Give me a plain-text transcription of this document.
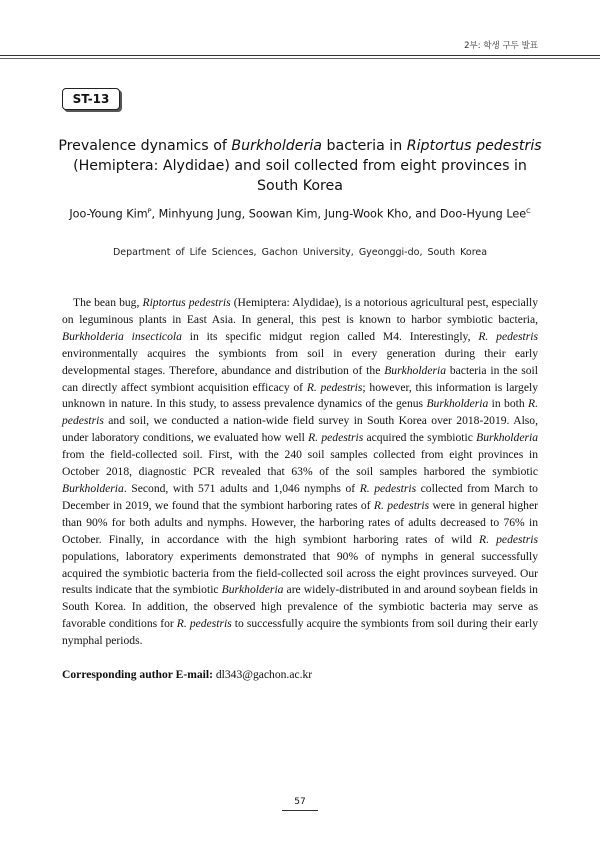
2부: 학생 구두 발표
ST-13
Prevalence dynamics of Burkholderia bacteria in Riptortus pedestris
(Hemiptera: Alydidae) and soil collected from eight provinces in
South Korea
Joo-Young Kim$^P$, Minhyung Jung, Soowan Kim, Jung-Wook Kho, and Doo-Hyung Lee$^C$
Department of Life Sciences, Gachon University, Gyeonggi-do, South Korea

The bean bug, Riptortus pedestris (Hemiptera: Alydidae), is a notorious agricultural pest, especially on leguminous plants in East Asia. In general, this pest is known to harbor symbiotic bacteria, Burkholderia insecticola in its specific midgut region called M4. Interestingly, R. pedestris environmentally acquires the symbionts from soil in every generation during their early developmental stages. Therefore, abundance and distribution of the Burkholderia bacteria in the soil can directly affect symbiont acquisition efficacy of R. pedestris; however, this information is largely unknown in nature. In this study, to assess prevalence dynamics of the genus Burkholderia in both R. pedestris and soil, we conducted a nation-wide field survey in South Korea over 2018-2019. Also, under laboratory conditions, we evaluated how well R. pedestris acquired the symbiotic Burkholderia from the field-collected soil. First, with the 240 soil samples collected from eight provinces in October 2018, diagnostic PCR revealed that 63% of the soil samples harbored the symbiotic Burkholderia. Second, with 571 adults and 1,046 nymphs of R. pedestris collected from March to December in 2019, we found that the symbiont harboring rates of R. pedestris were in general higher than 90% for both adults and nymphs. However, the harboring rates of adults decreased to 76% in October. Finally, in accordance with the high symbiont harboring rates of wild R. pedestris populations, laboratory experiments demonstrated that 90% of nymphs in general successfully acquired the symbiotic bacteria from the field-collected soil across the eight provinces surveyed. Our results indicate that the symbiotic Burkholderia are widely-distributed in and around soybean fields in South Korea. In addition, the observed high prevalence of the symbiotic bacteria may serve as favorable conditions for R. pedestris to successfully acquire the symbionts from soil during their early nymphal periods.

Corresponding author E-mail: dl343@gachon.ac.kr
57
